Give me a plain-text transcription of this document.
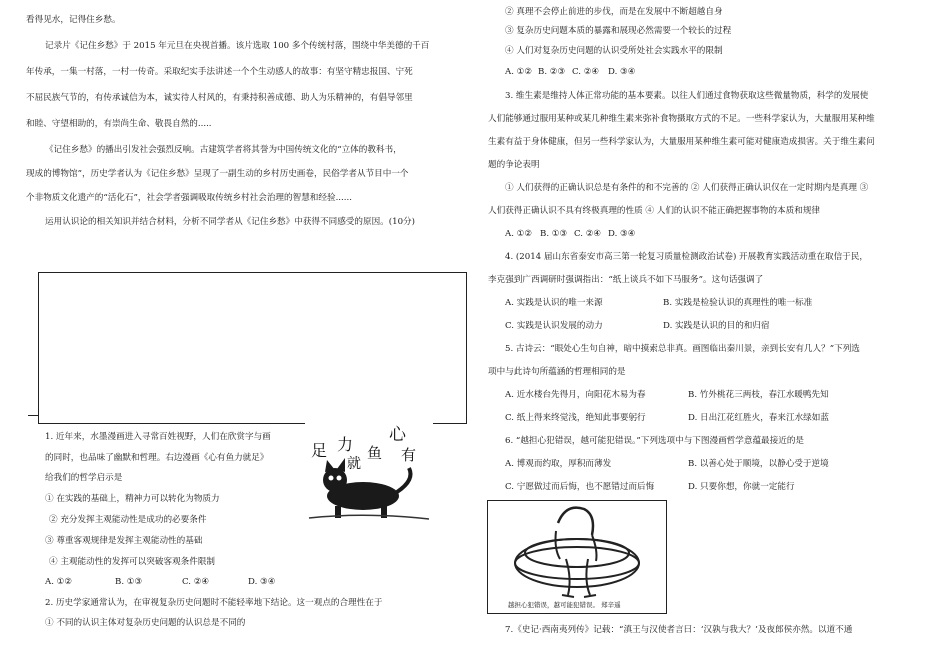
看得见水，记得住乡愁。
记录片《记住乡愁》于 2015 年元旦在央视首播。该片选取 100 多个传统村落，围绕中华美德的千百
年传承，一集一村落，一村一传奇。采取纪实手法讲述一个个生动感人的故事：有坚守精忠报国、宁死
不屈民族气节的，有传承诚信为本，诚实待人村风的，有秉持积善成德、助人为乐精神的，有倡导邻里
和睦、守望相助的，有崇尚生命、敬畏自然的.....
《记住乡愁》的播出引发社会强烈反响。古建筑学者将其誉为中国传统文化的“立体的教科书，
现成的博物馆”，历史学者认为《记住乡愁》呈现了一副生动的乡村历史画卷，民俗学者从节目中一个
个非物质文化遗产的“活化石”，社会学者强调吸取传统乡村社会治理的智慧和经验......
运用认识论的相关知识并结合材料，分析不同学者从《记住乡愁》中获得不同感受的原因。(10分)
1. 近年来，水墨漫画进入寻常百姓视野，人们在欣赏字与画
的同时，也品味了幽默和哲理。右边漫画《心有鱼力就足》
给我们的哲学启示是
① 在实践的基础上，精神力可以转化为物质力
② 充分发挥主观能动性是成功的必要条件
③ 尊重客观规律是发挥主观能动性的基础
④ 主观能动性的发挥可以突破客观条件限制
A. ①②	B. ①③	C. ②④	D. ③④
2. 历史学家通常认为，在审视复杂历史问题时不能轻率地下结论。这一观点的合理性在于
① 不同的认识主体对复杂历史问题的认识总是不同的
心
有
鱼
力
就
足
② 真理不会停止前进的步伐，而是在发展中不断超越自身
③ 复杂历史问题本质的暴露和展现必然需要一个较长的过程
④ 人们对复杂历史问题的认识受所处社会实践水平的限制
A. ①② B. ②③ C. ②④ D. ③④
3. 维生素是维持人体正常功能的基本要素。以往人们通过食物获取这些微量物质，科学的发展使
人们能够通过服用某种或某几种维生素来弥补食物摄取方式的不足。一些科学家认为，大量服用某种维
生素有益于身体健康，但另一些科学家认为，大量服用某种维生素可能对健康造成损害。关于维生素问
题的争论表明
① 人们获得的正确认识总是有条件的和不完善的 ② 人们获得正确认识仅在一定时期内是真理 ③
人们获得正确认识不具有终极真理的性质 ④ 人们的认识不能正确把握事物的本质和规律
A. ①② B. ①③ C. ②④ D. ③④
4. (2014 届山东省泰安市高三第一轮复习质量检测政治试卷) 开展教育实践活动重在取信于民，
李克强到广西调研时强调指出：“纸上谈兵不如下马服务”。这句话强调了
A. 实践是认识的唯一来源	B. 实践是检验认识的真理性的唯一标准
C. 实践是认识发展的动力	D. 实践是认识的目的和归宿
5. 古诗云：“眼处心生句自神，暗中摸索总非真。画图临出秦川景，亲到长安有几人？”下列选
项中与此诗句所蕴涵的哲理相同的是
A. 近水楼台先得月，向阳花木易为春	B. 竹外桃花三两枝，春江水暖鸭先知
C. 纸上得来终觉浅，绝知此事要躬行	D. 日出江花红胜火，春来江水绿如蓝
6. “越担心犯错误，越可能犯错误。”下列选项中与下图漫画哲学意蕴最接近的是
A. 博观而约取，厚积而薄发	B. 以善心处于顺境，以静心受于逆境
C. 宁愿做过而后悔，也不愿错过而后悔	D. 只要你想，你就一定能行
7.《史记·西南夷列传》记载：“滇王与汉使者言曰：‘汉孰与我大？’及夜郎侯亦然。以道不通
越担心犯错误，越可能犯错误。 郑辛遥
